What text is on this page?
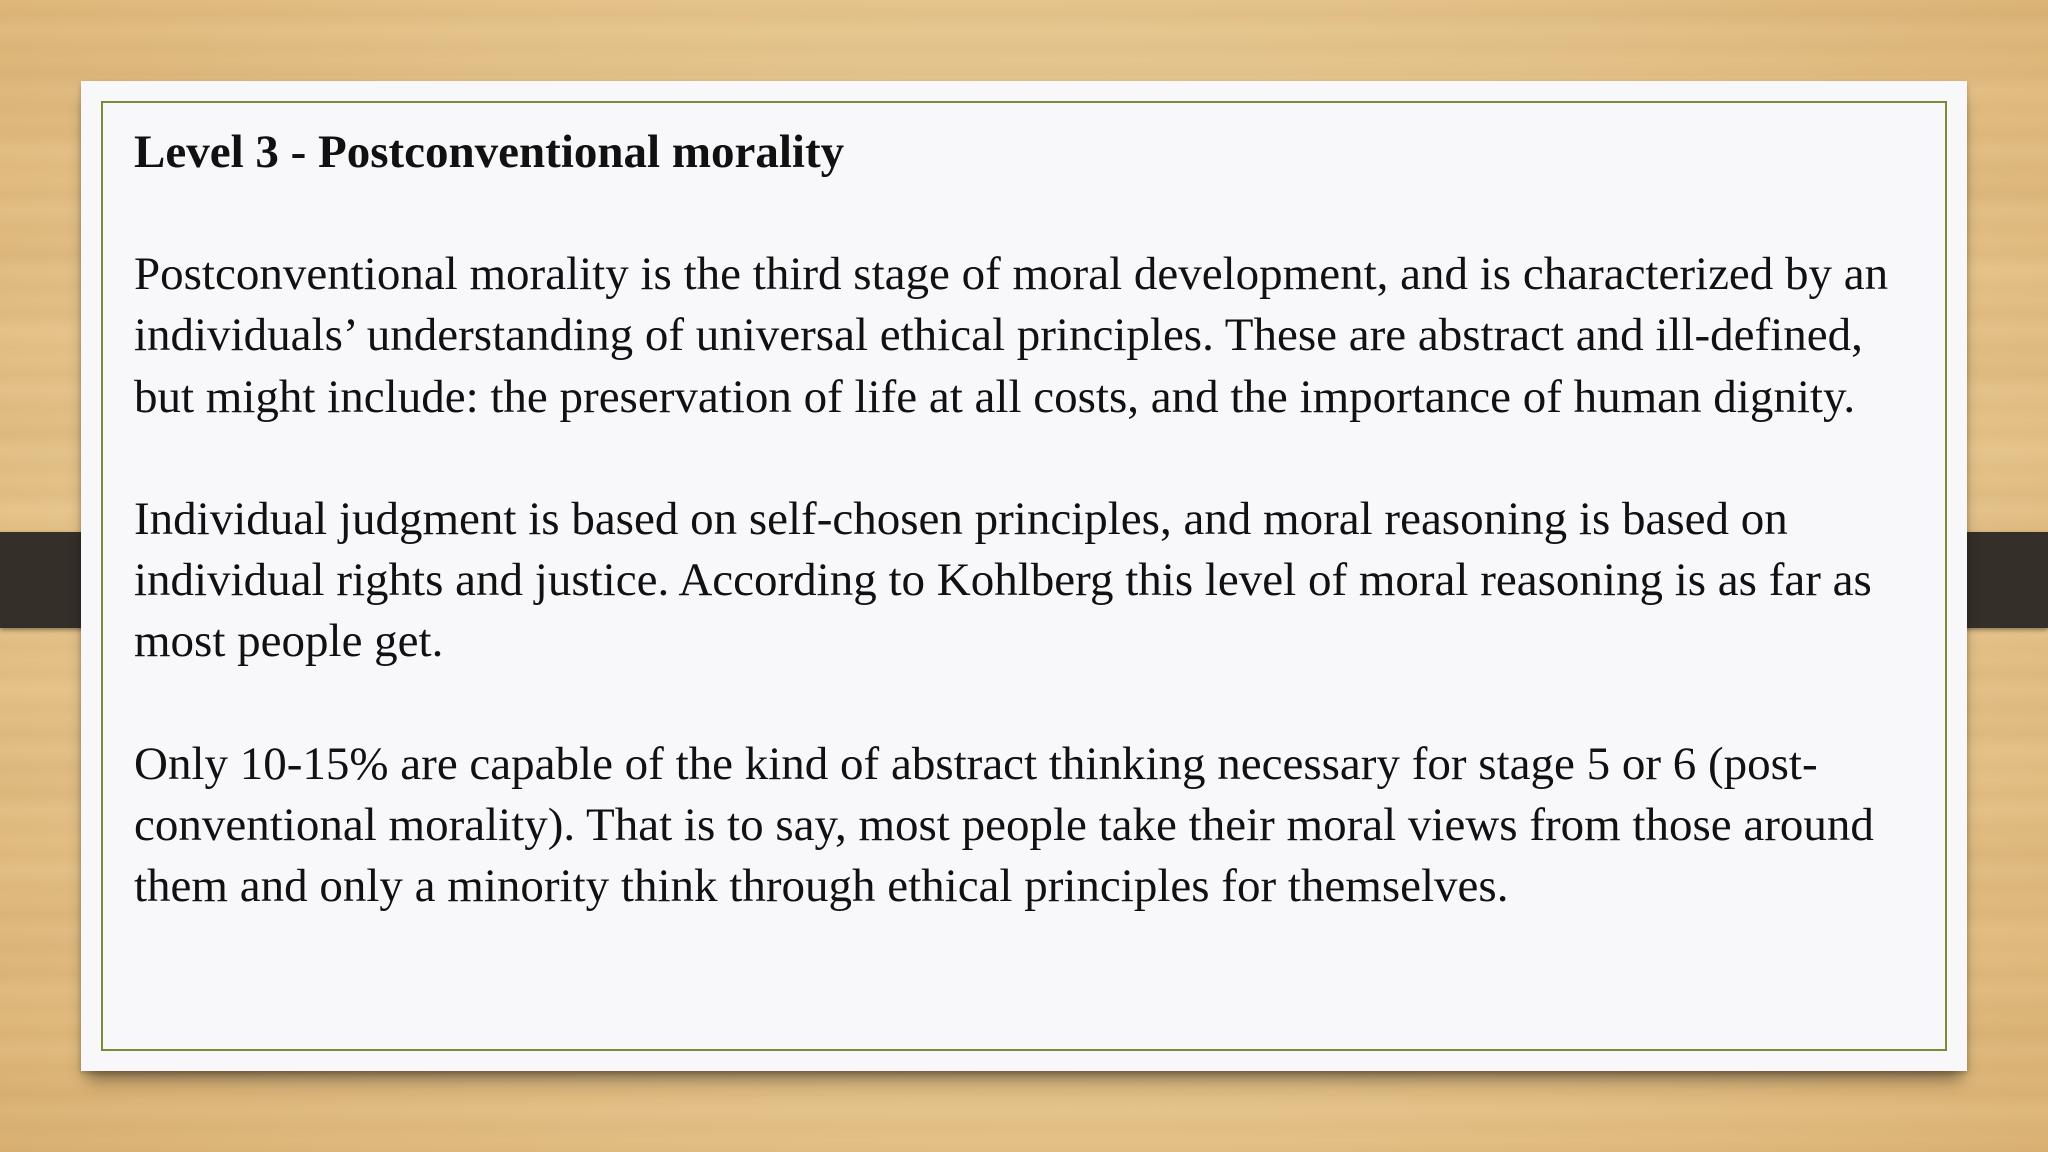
Level 3 - Postconventional morality

Postconventional morality is the third stage of moral development, and is characterized by an individuals’ understanding of universal ethical principles. These are abstract and ill-defined, but might include: the preservation of life at all costs, and the importance of human dignity.

Individual judgment is based on self-chosen principles, and moral reasoning is based on individual rights and justice. According to Kohlberg this level of moral reasoning is as far as most people get.

Only 10-15% are capable of the kind of abstract thinking necessary for stage 5 or 6 (post-conventional morality). That is to say, most people take their moral views from those around them and only a minority think through ethical principles for themselves.
